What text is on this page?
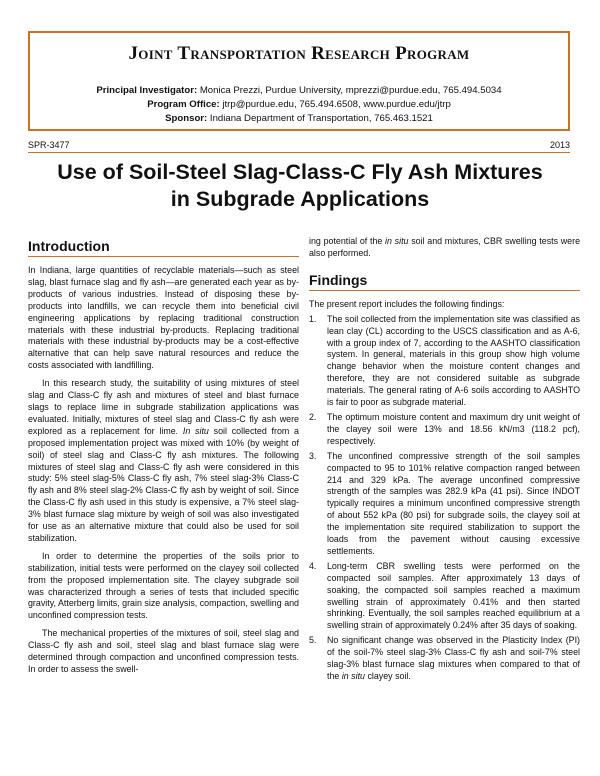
Joint Transportation Research Program
Principal Investigator: Monica Prezzi, Purdue University, mprezzi@purdue.edu, 765.494.5034
Program Office: jtrp@purdue.edu, 765.494.6508, www.purdue.edu/jtrp
Sponsor: Indiana Department of Transportation, 765.463.1521
SPR-3477	2013
Use of Soil-Steel Slag-Class-C Fly Ash Mixtures
in Subgrade Applications
Introduction

In Indiana, large quantities of recyclable materials—such as steel slag, blast furnace slag and fly ash—are generated each year as by-products of various industries. Instead of disposing these by-products into landfills, we can recycle them into beneficial civil engineering applications by replacing traditional construction materials with these industrial by-products. Replacing traditional materials with these industrial by-products may be a cost-effective alternative that can help save natural resources and reduce the costs associated with landfilling.

In this research study, the suitability of using mixtures of steel slag and Class-C fly ash and mixtures of steel and blast furnace slags to replace lime in subgrade stabilization applications was evaluated. Initially, mixtures of steel slag and Class-C fly ash were explored as a replacement for lime. In situ soil collected from a proposed implementation project was mixed with 10% (by weight of soil) of steel slag and Class-C fly ash mixtures. The following mixtures of steel slag and Class-C fly ash were considered in this study: 5% steel slag-5% Class-C fly ash, 7% steel slag-3% Class-C fly ash and 8% steel slag-2% Class-C fly ash by weight of soil. Since the Class-C fly ash used in this study is expensive, a 7% steel slag-3% blast furnace slag mixture by weigh of soil was also investigated for use as an alternative mixture that could also be used for soil stabilization.

In order to determine the properties of the soils prior to stabilization, initial tests were performed on the clayey soil collected from the proposed implementation site. The clayey subgrade soil was characterized through a series of tests that included specific gravity, Atterberg limits, grain size analysis, compaction, swelling and unconfined compression tests.

The mechanical properties of the mixtures of soil, steel slag and Class-C fly ash and soil, steel slag and blast furnace slag were determined through compaction and unconfined compression tests. In order to assess the swell-

ing potential of the in situ soil and mixtures, CBR swelling tests were also performed.

Findings

The present report includes the following findings:

1. The soil collected from the implementation site was classified as lean clay (CL) according to the USCS classification and as A-6, with a group index of 7, according to the AASHTO classification system. In general, materials in this group show high volume change behavior when the moisture content changes and therefore, they are not considered suitable as subgrade materials. The general rating of A-6 soils according to AASHTO is fair to poor as subgrade material.
2. The optimum moisture content and maximum dry unit weight of the clayey soil were 13% and 18.56 kN/m3 (118.2 pcf), respectively.
3. The unconfined compressive strength of the soil samples compacted to 95 to 101% relative compaction ranged between 214 and 329 kPa. The average unconfined compressive strength of the samples was 282.9 kPa (41 psi). Since INDOT typically requires a minimum unconfined compressive strength of about 552 kPa (80 psi) for subgrade soils, the clayey soil at the implementation site required stabilization to support the loads from the pavement without causing excessive settlements.
4. Long-term CBR swelling tests were performed on the compacted soil samples. After approximately 13 days of soaking, the compacted soil samples reached a maximum swelling strain of approximately 0.41% and then started shrinking. Eventually, the soil samples reached equilibrium at a swelling strain of approximately 0.24% after 35 days of soaking.
5. No significant change was observed in the Plasticity Index (PI) of the soil-7% steel slag-3% Class-C fly ash and soil-7% steel slag-3% blast furnace slag mixtures when compared to that of the in situ clayey soil.
